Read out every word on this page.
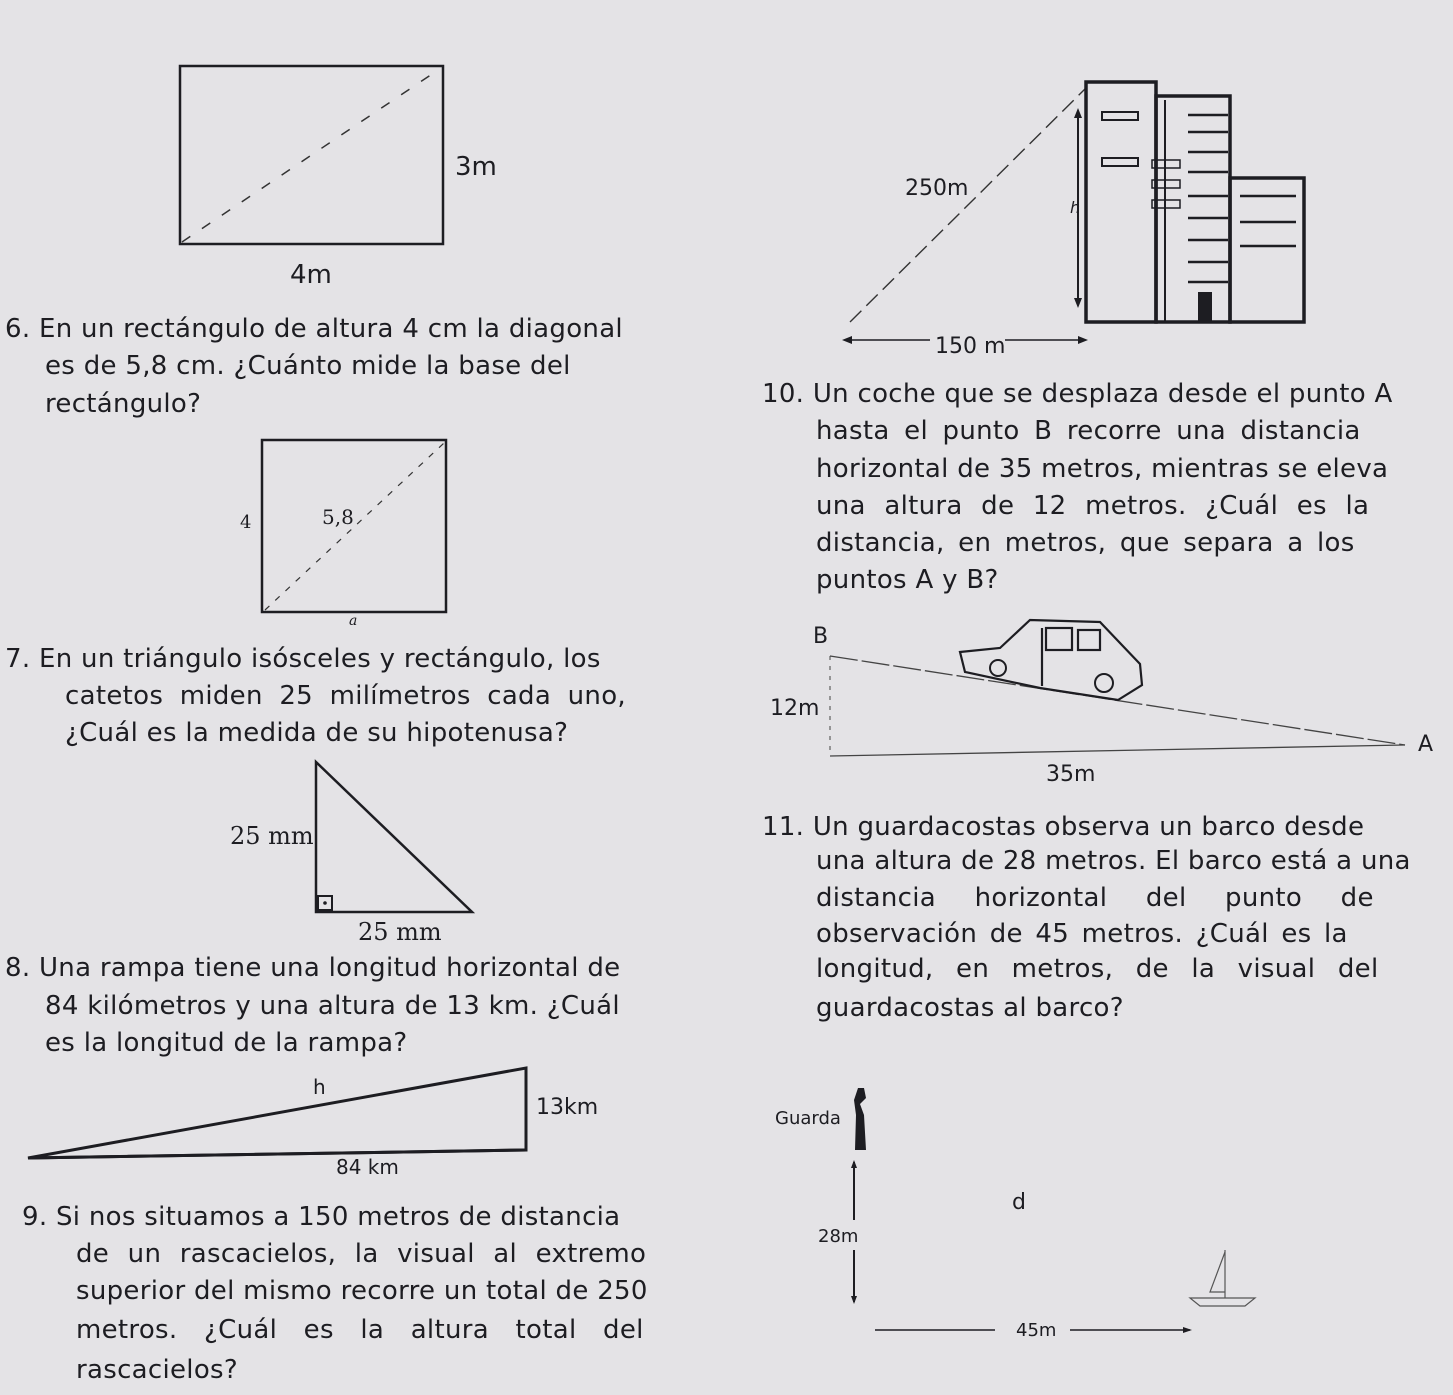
3m
4m
6. En un rectángulo de altura 4 cm la diagonal
es de 5,8 cm. ¿Cuánto mide la base del
rectángulo?
4	5,8
a
7. En un triángulo isósceles y rectángulo, los
catetos miden 25 milímetros cada uno,
¿Cuál es la medida de su hipotenusa?
25 mm
25 mm
8. Una rampa tiene una longitud horizontal de
84 kilómetros y una altura de 13 km. ¿Cuál
es la longitud de la rampa?
h
13km
84 km
9. Si nos situamos a 150 metros de distancia
de un rascacielos, la visual al extremo
superior del mismo recorre un total de 250
metros. ¿Cuál es la altura total del
rascacielos?
250m
h
150 m
10. Un coche que se desplaza desde el punto A
hasta el punto B recorre una distancia
horizontal de 35 metros, mientras se eleva
una altura de 12 metros. ¿Cuál es la
distancia, en metros, que separa a los
puntos A y B?
B
12m
A
35m
11. Un guardacostas observa un barco desde
una altura de 28 metros. El barco está a una
distancia horizontal del punto de
observación de 45 metros. ¿Cuál es la
longitud, en metros, de la visual del
guardacostas al barco?
Guarda
d
28m
45m
